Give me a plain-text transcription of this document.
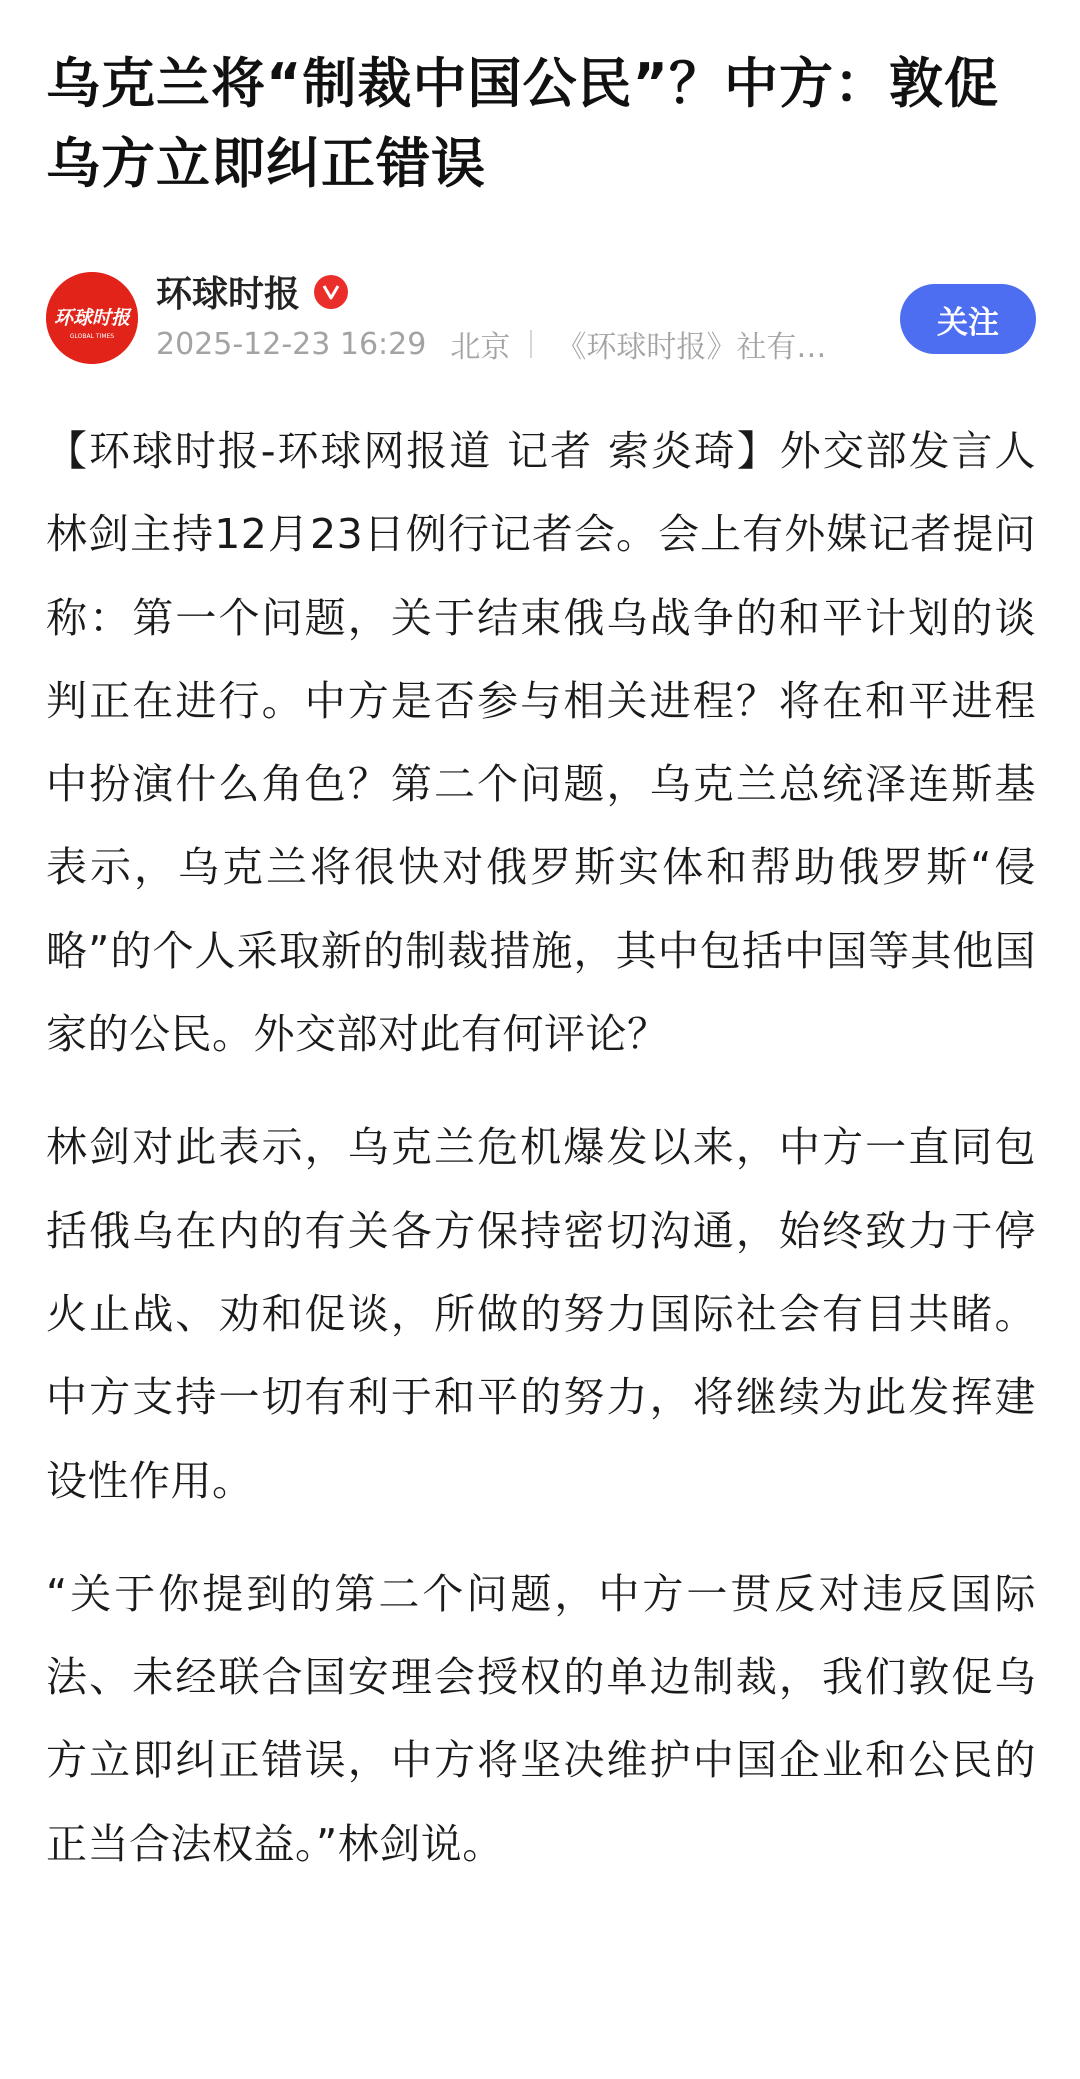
乌克兰将“制裁中国公民”？中方：敦促乌方立即纠正错误
环球时报
GLOBAL TIMES
环球时报
2025-12-23 16:29 北京 《环球时报》社有…
关注

【环球时报-环球网报道 记者 索炎琦】外交部发言人林剑主持12月23日例行记者会。会上有外媒记者提问称：第一个问题，关于结束俄乌战争的和平计划的谈判正在进行。中方是否参与相关进程？将在和平进程中扮演什么角色？第二个问题，乌克兰总统泽连斯基表示，乌克兰将很快对俄罗斯实体和帮助俄罗斯“侵略”的个人采取新的制裁措施，其中包括中国等其他国家的公民。外交部对此有何评论？

林剑对此表示，乌克兰危机爆发以来，中方一直同包括俄乌在内的有关各方保持密切沟通，始终致力于停火止战、劝和促谈，所做的努力国际社会有目共睹。中方支持一切有利于和平的努力，将继续为此发挥建设性作用。

“关于你提到的第二个问题，中方一贯反对违反国际法、未经联合国安理会授权的单边制裁，我们敦促乌方立即纠正错误，中方将坚决维护中国企业和公民的正当合法权益。”林剑说。
